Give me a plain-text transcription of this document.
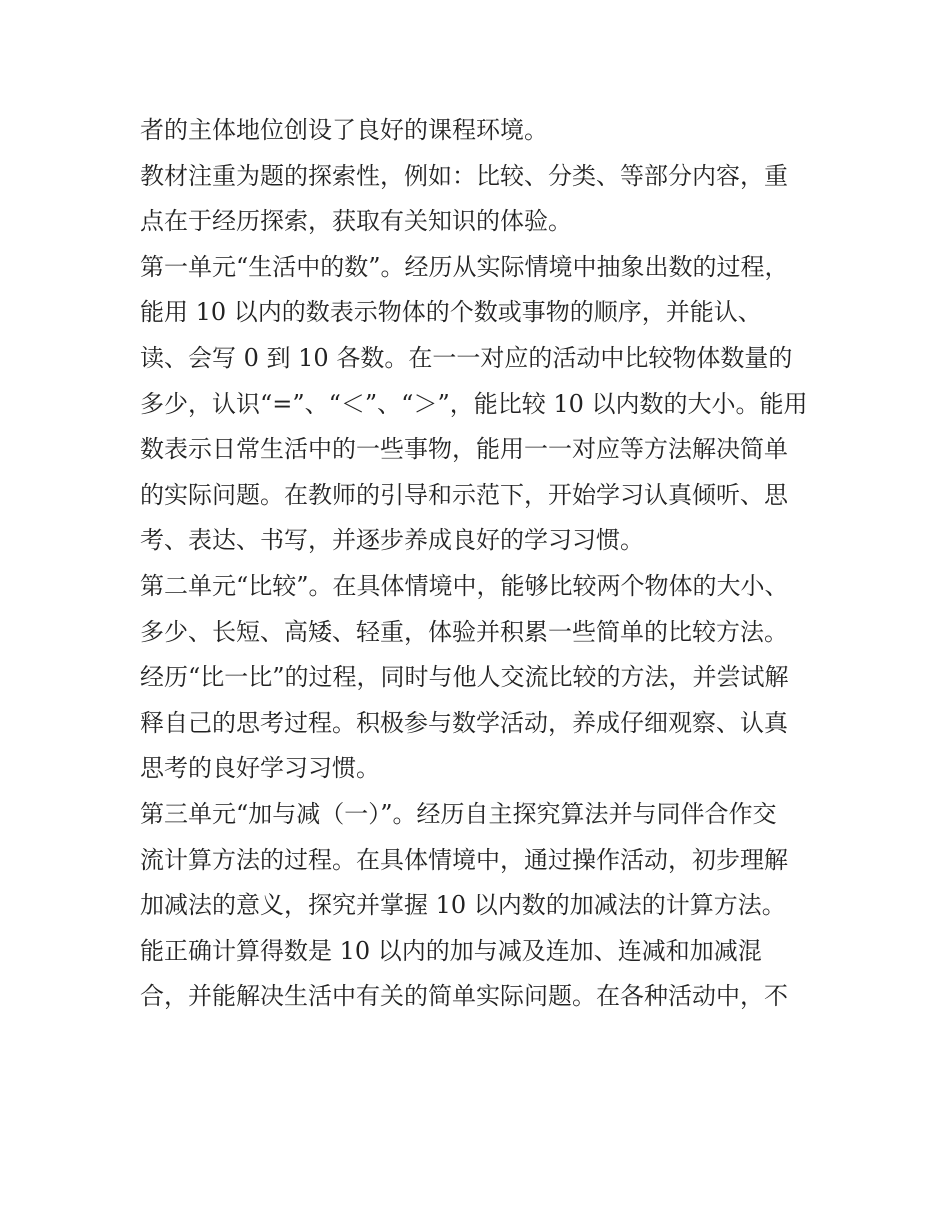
者的主体地位创设了良好的课程环境。
教材注重为题的探索性，例如：比较、分类、等部分内容，重
点在于经历探索，获取有关知识的体验。
第一单元“生活中的数”。经历从实际情境中抽象出数的过程，
能用 10 以内的数表示物体的个数或事物的顺序，并能认、
读、会写 0 到 10 各数。在一一对应的活动中比较物体数量的
多少，认识“=”、“＜”、“＞”，能比较 10 以内数的大小。能用
数表示日常生活中的一些事物，能用一一对应等方法解决简单
的实际问题。在教师的引导和示范下，开始学习认真倾听、思
考、表达、书写，并逐步养成良好的学习习惯。
第二单元“比较”。在具体情境中，能够比较两个物体的大小、
多少、长短、高矮、轻重，体验并积累一些简单的比较方法。
经历“比一比”的过程，同时与他人交流比较的方法，并尝试解
释自己的思考过程。积极参与数学活动，养成仔细观察、认真
思考的良好学习习惯。
第三单元“加与减（一）”。经历自主探究算法并与同伴合作交
流计算方法的过程。在具体情境中，通过操作活动，初步理解
加减法的意义，探究并掌握 10 以内数的加减法的计算方法。
能正确计算得数是 10 以内的加与减及连加、连减和加减混
合，并能解决生活中有关的简单实际问题。在各种活动中，不
